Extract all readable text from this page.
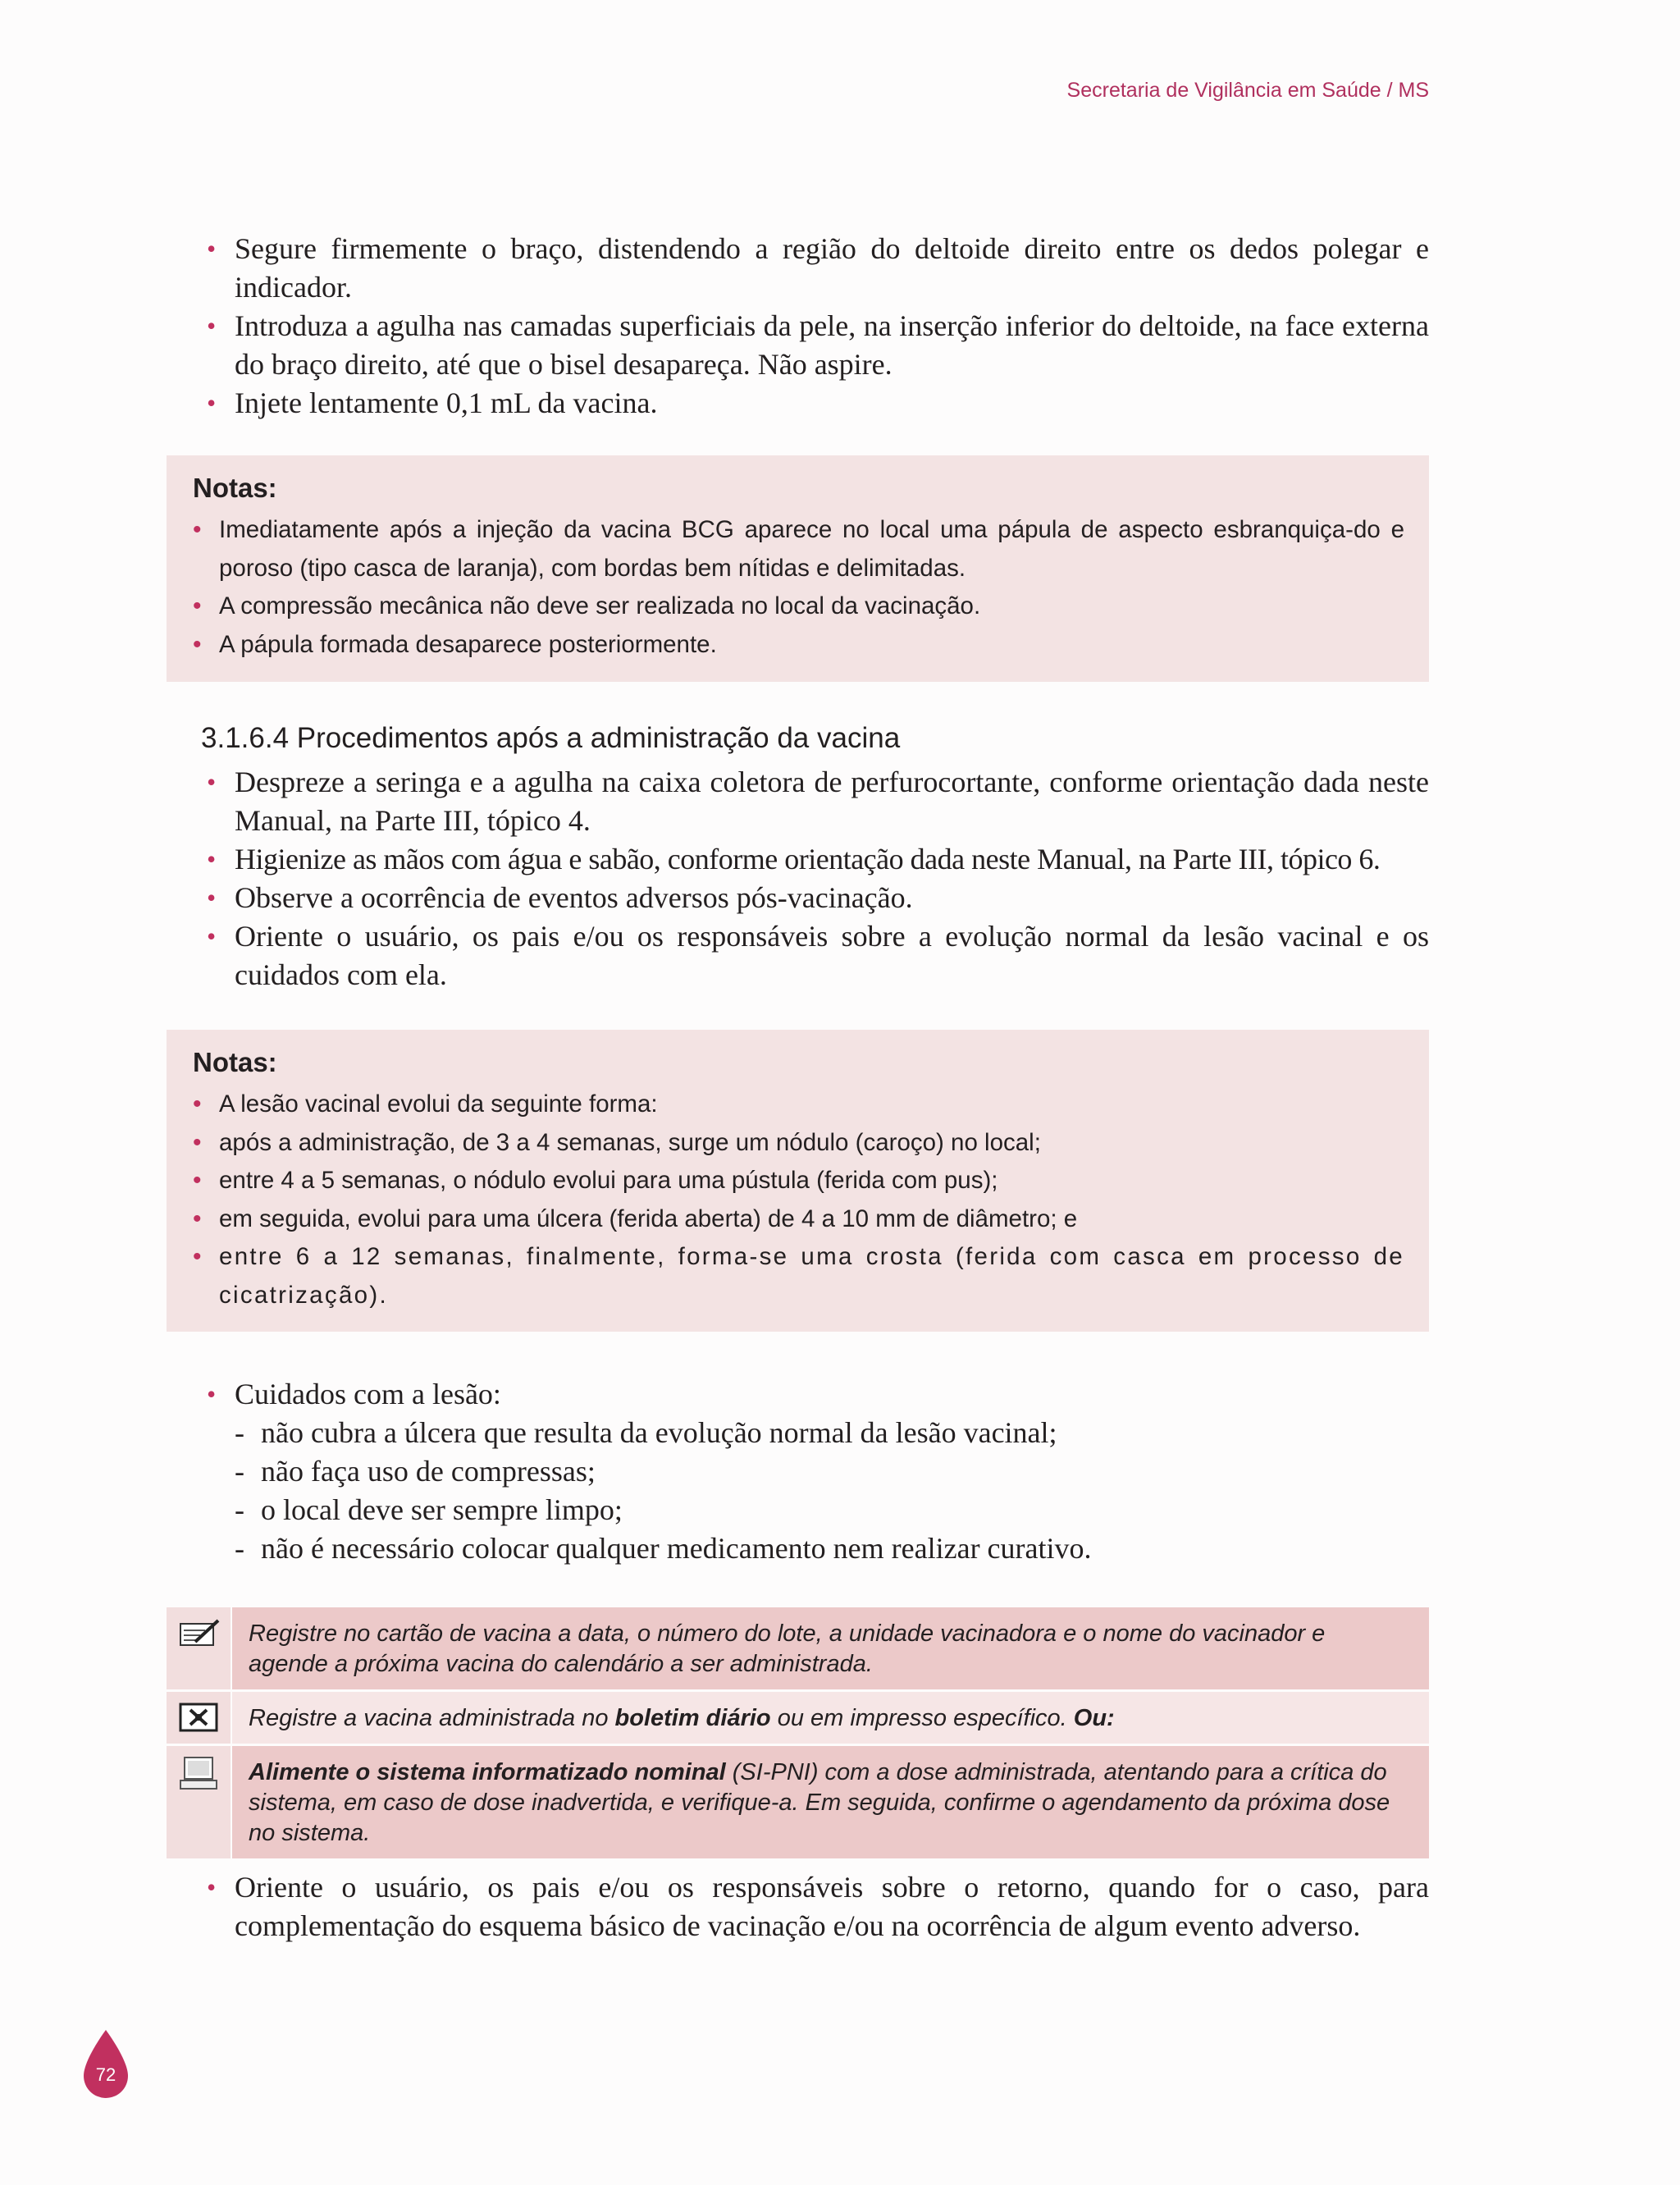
Secretaria de Vigilância em Saúde / MS
• Segure firmemente o braço, distendendo a região do deltoide direito entre os dedos polegar e indicador.
• Introduza a agulha nas camadas superficiais da pele, na inserção inferior do deltoide, na face externa do braço direito, até que o bisel desapareça. Não aspire.
• Injete lentamente 0,1 mL da vacina.
Notas:
• Imediatamente após a injeção da vacina BCG aparece no local uma pápula de aspecto esbranquiça-do e poroso (tipo casca de laranja), com bordas bem nítidas e delimitadas.
• A compressão mecânica não deve ser realizada no local da vacinação.
• A pápula formada desaparece posteriormente.
3.1.6.4 Procedimentos após a administração da vacina
• Despreze a seringa e a agulha na caixa coletora de perfurocortante, conforme orientação dada neste Manual, na Parte III, tópico 4.
• Higienize as mãos com água e sabão, conforme orientação dada neste Manual, na Parte III, tópico 6.
• Observe a ocorrência de eventos adversos pós-vacinação.
• Oriente o usuário, os pais e/ou os responsáveis sobre a evolução normal da lesão vacinal e os cuidados com ela.
Notas:
• A lesão vacinal evolui da seguinte forma:
• após a administração, de 3 a 4 semanas, surge um nódulo (caroço) no local;
• entre 4 a 5 semanas, o nódulo evolui para uma pústula (ferida com pus);
• em seguida, evolui para uma úlcera (ferida aberta) de 4 a 10 mm de diâmetro; e
• entre 6 a 12 semanas, finalmente, forma-se uma crosta (ferida com casca em processo de cicatrização).
• Cuidados com a lesão:
- não cubra a úlcera que resulta da evolução normal da lesão vacinal;
- não faça uso de compressas;
- o local deve ser sempre limpo;
- não é necessário colocar qualquer medicamento nem realizar curativo.
	Registre no cartão de vacina a data, o número do lote, a unidade vacinadora e o nome do vacinador e agende a próxima vacina do calendário a ser administrada.
	Registre a vacina administrada no boletim diário ou em impresso específico. Ou:
	Alimente o sistema informatizado nominal (SI-PNI) com a dose administrada, atentando para a crítica do sistema, em caso de dose inadvertida, e verifique-a. Em seguida, confirme o agendamento da próxima dose no sistema.
• Oriente o usuário, os pais e/ou os responsáveis sobre o retorno, quando for o caso, para complementação do esquema básico de vacinação e/ou na ocorrência de algum evento adverso.
72
